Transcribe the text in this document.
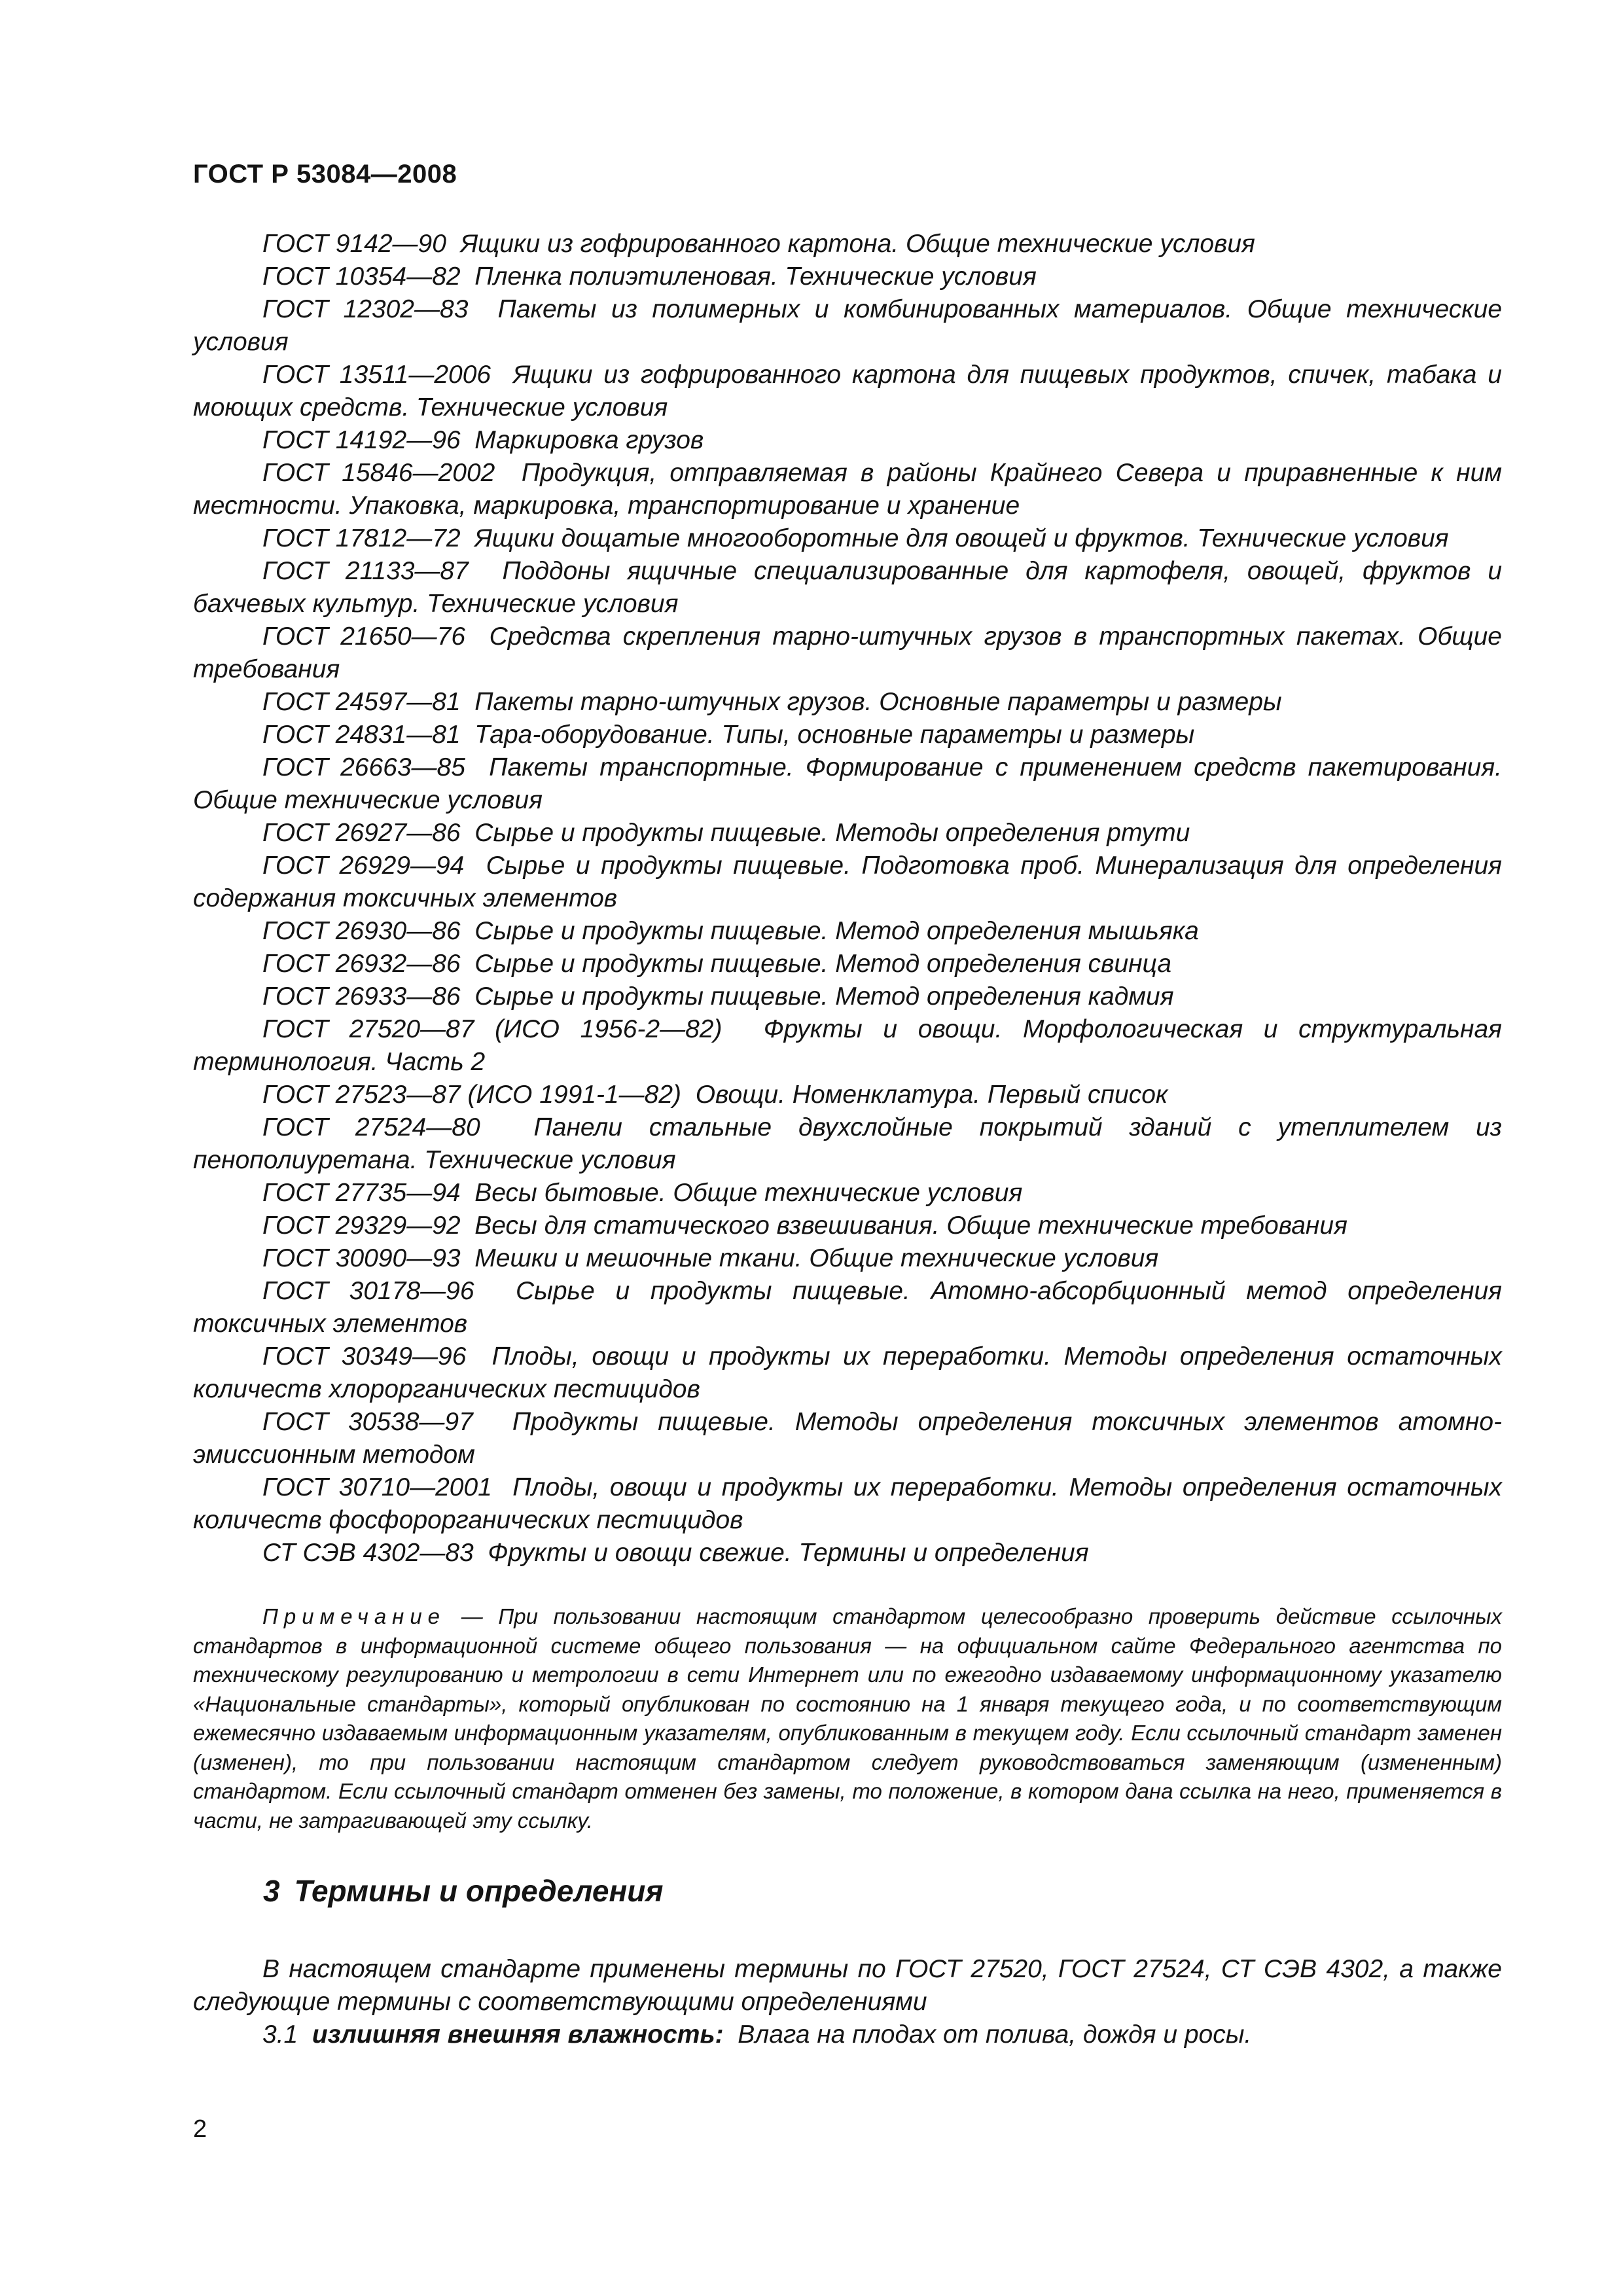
ГОСТ Р 53084—2008

ГОСТ 9142—90 Ящики из гофрированного картона. Общие технические условия

ГОСТ 10354—82 Пленка полиэтиленовая. Технические условия

ГОСТ 12302—83 Пакеты из полимерных и комбинированных материалов. Общие технические условия

ГОСТ 13511—2006 Ящики из гофрированного картона для пищевых продуктов, спичек, табака и моющих средств. Технические условия

ГОСТ 14192—96 Маркировка грузов

ГОСТ 15846—2002 Продукция, отправляемая в районы Крайнего Севера и приравненные к ним местности. Упаковка, маркировка, транспортирование и хранение

ГОСТ 17812—72 Ящики дощатые многооборотные для овощей и фруктов. Технические условия

ГОСТ 21133—87 Поддоны ящичные специализированные для картофеля, овощей, фруктов и бахчевых культур. Технические условия

ГОСТ 21650—76 Средства скрепления тарно-штучных грузов в транспортных пакетах. Общие требования

ГОСТ 24597—81 Пакеты тарно-штучных грузов. Основные параметры и размеры

ГОСТ 24831—81 Тара-оборудование. Типы, основные параметры и размеры

ГОСТ 26663—85 Пакеты транспортные. Формирование с применением средств пакетирования. Общие технические условия

ГОСТ 26927—86 Сырье и продукты пищевые. Методы определения ртути

ГОСТ 26929—94 Сырье и продукты пищевые. Подготовка проб. Минерализация для определения содержания токсичных элементов

ГОСТ 26930—86 Сырье и продукты пищевые. Метод определения мышьяка

ГОСТ 26932—86 Сырье и продукты пищевые. Метод определения свинца

ГОСТ 26933—86 Сырье и продукты пищевые. Метод определения кадмия

ГОСТ 27520—87 (ИСО 1956-2—82) Фрукты и овощи. Морфологическая и структуральная терминология. Часть 2

ГОСТ 27523—87 (ИСО 1991-1—82) Овощи. Номенклатура. Первый список

ГОСТ 27524—80 Панели стальные двухслойные покрытий зданий с утеплителем из пенополиуретана. Технические условия

ГОСТ 27735—94 Весы бытовые. Общие технические условия

ГОСТ 29329—92 Весы для статического взвешивания. Общие технические требования

ГОСТ 30090—93 Мешки и мешочные ткани. Общие технические условия

ГОСТ 30178—96 Сырье и продукты пищевые. Атомно-абсорбционный метод определения токсичных элементов

ГОСТ 30349—96 Плоды, овощи и продукты их переработки. Методы определения остаточных количеств хлорорганических пестицидов

ГОСТ 30538—97 Продукты пищевые. Методы определения токсичных элементов атомно-эмиссионным методом

ГОСТ 30710—2001 Плоды, овощи и продукты их переработки. Методы определения остаточных количеств фосфорорганических пестицидов

СТ СЭВ 4302—83 Фрукты и овощи свежие. Термины и определения

Примечание — При пользовании настоящим стандартом целесообразно проверить действие ссылочных стандартов в информационной системе общего пользования — на официальном сайте Федерального агентства по техническому регулированию и метрологии в сети Интернет или по ежегодно издаваемому информационному указателю «Национальные стандарты», который опубликован по состоянию на 1 января текущего года, и по соответствующим ежемесячно издаваемым информационным указателям, опубликованным в текущем году. Если ссылочный стандарт заменен (изменен), то при пользовании настоящим стандартом следует руководствоваться заменяющим (измененным) стандартом. Если ссылочный стандарт отменен без замены, то положение, в котором дана ссылка на него, применяется в части, не затрагивающей эту ссылку.

3 Термины и определения

В настоящем стандарте применены термины по ГОСТ 27520, ГОСТ 27524, СТ СЭВ 4302, а также следующие термины с соответствующими определениями

3.1 излишняя внешняя влажность: Влага на плодах от полива, дождя и росы.

2
